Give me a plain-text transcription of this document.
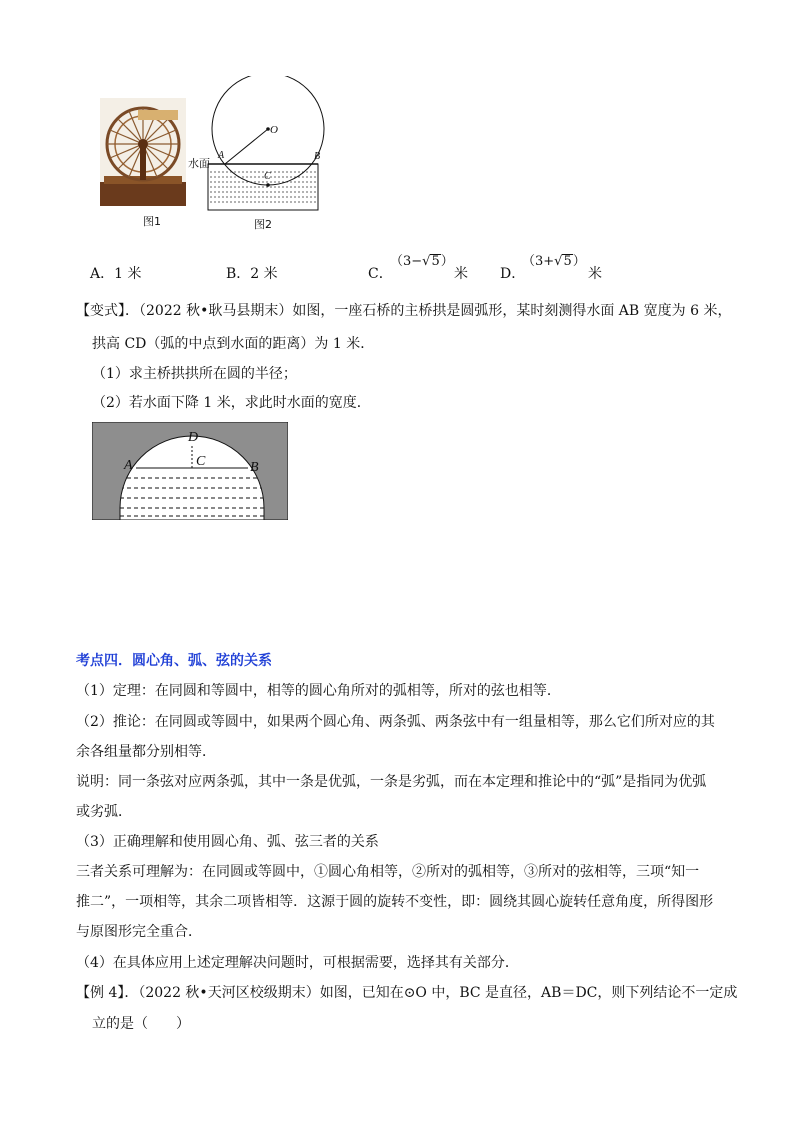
图1
水面
O
A	B
C
图2
A．1 米	B．2 米	C．
（3−√5）
米 D．
（3+√5）
米
【变式】．（2022 秋•耿马县期末）如图，一座石桥的主桥拱是圆弧形，某时刻测得水面 AB 宽度为 6 米，
拱高 CD（弧的中点到水面的距离）为 1 米．
（1）求主桥拱拱所在圆的半径；
（2）若水面下降 1 米，求此时水面的宽度．
D
A	C	B
考点四．圆心角、弧、弦的关系
（1）定理：在同圆和等圆中，相等的圆心角所对的弧相等，所对的弦也相等．
（2）推论：在同圆或等圆中，如果两个圆心角、两条弧、两条弦中有一组量相等，那么它们所对应的其
余各组量都分别相等．
说明：同一条弦对应两条弧，其中一条是优弧，一条是劣弧，而在本定理和推论中的“弧”是指同为优弧
或劣弧．
（3）正确理解和使用圆心角、弧、弦三者的关系
三者关系可理解为：在同圆或等圆中，①圆心角相等，②所对的弧相等，③所对的弦相等，三项“知一
推二”，一项相等，其余二项皆相等．这源于圆的旋转不变性，即：圆绕其圆心旋转任意角度，所得图形
与原图形完全重合．
（4）在具体应用上述定理解决问题时，可根据需要，选择其有关部分．
【例 4】．（2022 秋•天河区校级期末）如图，已知在⊙O 中，BC 是直径，AB＝DC，则下列结论不一定成
立的是（　　）
